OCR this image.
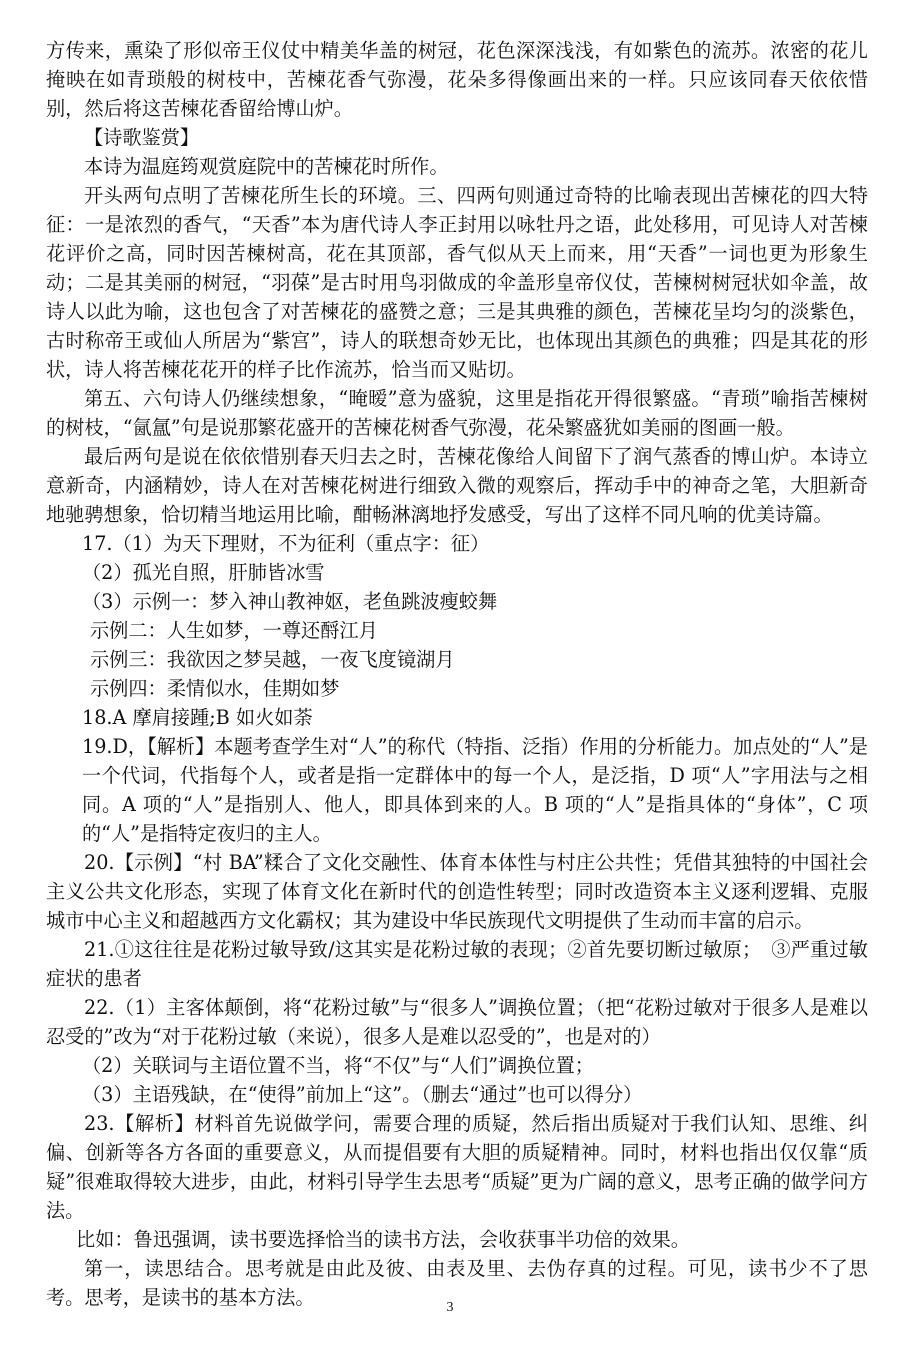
方传来，熏染了形似帝王仪仗中精美华盖的树冠，花色深深浅浅，有如紫色的流苏。浓密的花儿掩映在如青琐般的树枝中，苦楝花香气弥漫，花朵多得像画出来的一样。只应该同春天依依惜别，然后将这苦楝花香留给博山炉。

【诗歌鉴赏】

本诗为温庭筠观赏庭院中的苦楝花时所作。

开头两句点明了苦楝花所生长的环境。三、四两句则通过奇特的比喻表现出苦楝花的四大特征：一是浓烈的香气，“天香”本为唐代诗人李正封用以咏牡丹之语，此处移用，可见诗人对苦楝花评价之高，同时因苦楝树高，花在其顶部，香气似从天上而来，用“天香”一词也更为形象生动；二是其美丽的树冠，“羽葆”是古时用鸟羽做成的伞盖形皇帝仪仗，苦楝树树冠状如伞盖，故诗人以此为喻，这也包含了对苦楝花的盛赞之意；三是其典雅的颜色，苦楝花呈均匀的淡紫色，古时称帝王或仙人所居为“紫宫”，诗人的联想奇妙无比，也体现出其颜色的典雅；四是其花的形状，诗人将苦楝花花开的样子比作流苏，恰当而又贴切。

第五、六句诗人仍继续想象，“晻暧”意为盛貌，这里是指花开得很繁盛。“青琐”喻指苦楝树的树枝，“氤氲”句是说那繁花盛开的苦楝花树香气弥漫，花朵繁盛犹如美丽的图画一般。

最后两句是说在依依惜别春天归去之时，苦楝花像给人间留下了润气蒸香的博山炉。本诗立意新奇，内涵精妙，诗人在对苦楝花树进行细致入微的观察后，挥动手中的神奇之笔，大胆新奇地驰骋想象，恰切精当地运用比喻，酣畅淋漓地抒发感受，写出了这样不同凡响的优美诗篇。

17.（1）为天下理财，不为征利（重点字：征）

（2）孤光自照，肝肺皆冰雪

（3）示例一：梦入神山教神妪，老鱼跳波瘦蛟舞

示例二：人生如梦，一尊还酹江月

示例三：我欲因之梦吴越，一夜飞度镜湖月

示例四：柔情似水，佳期如梦

18.A 摩肩接踵;B 如火如荼

19.D，【解析】本题考查学生对“人”的称代（特指、泛指）作用的分析能力。加点处的“人”是一个代词，代指每个人，或者是指一定群体中的每一个人，是泛指，D 项“人”字用法与之相同。A 项的“人”是指别人、他人，即具体到来的人。B 项的“人”是指具体的“身体”，C 项的“人”是指特定夜归的主人。

20.【示例】“村 BA”糅合了文化交融性、体育本体性与村庄公共性；凭借其独特的中国社会主义公共文化形态，实现了体育文化在新时代的创造性转型；同时改造资本主义逐利逻辑、克服城市中心主义和超越西方文化霸权；其为建设中华民族现代文明提供了生动而丰富的启示。

21.①这往往是花粉过敏导致/这其实是花粉过敏的表现；②首先要切断过敏原；　③严重过敏症状的患者

22.（1）主客体颠倒，将“花粉过敏”与“很多人”调换位置；（把“花粉过敏对于很多人是难以忍受的”改为“对于花粉过敏（来说），很多人是难以忍受的”，也是对的）

（2）关联词与主语位置不当，将“不仅”与“人们”调换位置；

（3）主语残缺，在“使得”前加上“这”。（删去“通过”也可以得分）

23.【解析】材料首先说做学问，需要合理的质疑，然后指出质疑对于我们认知、思维、纠偏、创新等各方各面的重要意义，从而提倡要有大胆的质疑精神。同时，材料也指出仅仅靠“质疑”很难取得较大进步，由此，材料引导学生去思考“质疑”更为广阔的意义，思考正确的做学问方法。

比如：鲁迅强调，读书要选择恰当的读书方法，会收获事半功倍的效果。

第一，读思结合。思考就是由此及彼、由表及里、去伪存真的过程。可见，读书少不了思考。思考，是读书的基本方法。	3
